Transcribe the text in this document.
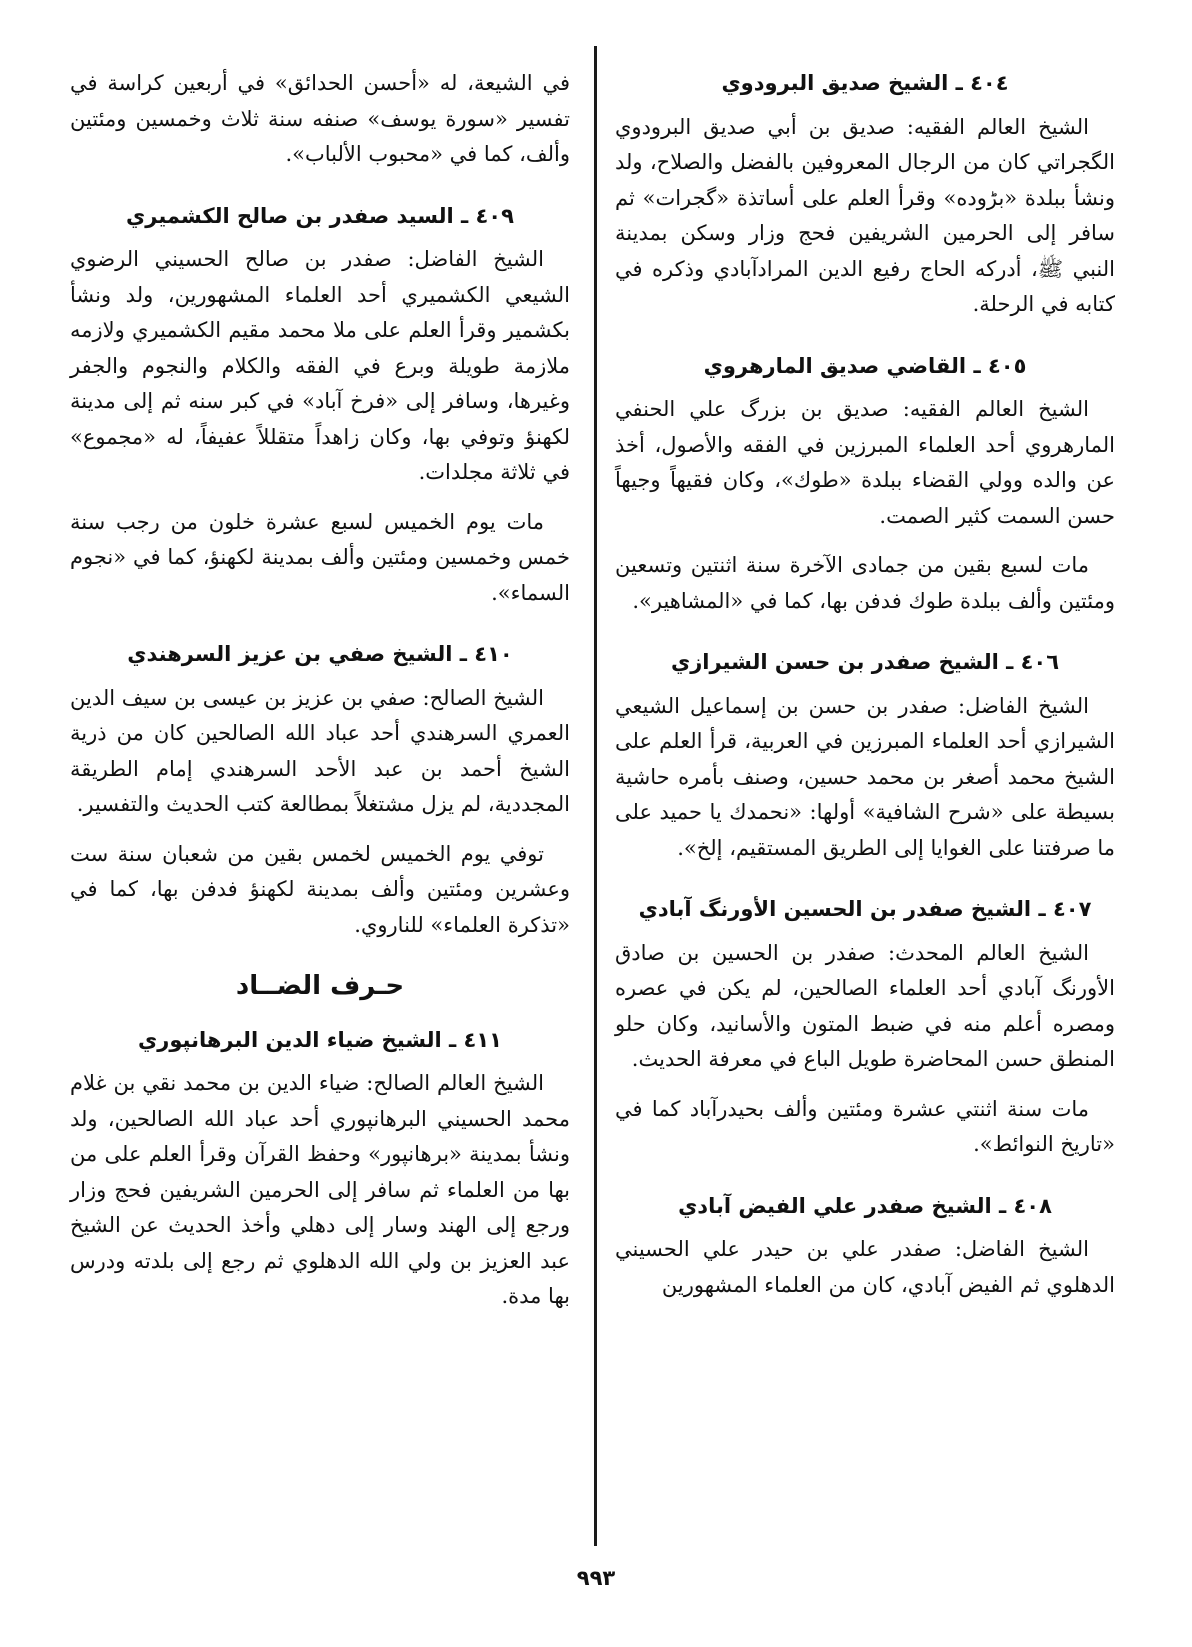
٤٠٤ ـ الشيخ صديق البرودوي

الشيخ العالم الفقيه: صديق بن أبي صديق البرودوي الگجراتي كان من الرجال المعروفين بالفضل والصلاح، ولد ونشأ ببلدة «بڑوده» وقرأ العلم على أساتذة «گجرات» ثم سافر إلى الحرمين الشريفين فحج وزار وسكن بمدينة النبي ﷺ، أدركه الحاج رفيع الدين المرادآبادي وذكره في كتابه في الرحلة.

٤٠٥ ـ القاضي صديق المارهروي

الشيخ العالم الفقيه: صديق بن بزرگ علي الحنفي المارهروي أحد العلماء المبرزين في الفقه والأصول، أخذ عن والده وولي القضاء ببلدة «طوك»، وكان فقيهاً وجيهاً حسن السمت كثير الصمت.

مات لسبع بقين من جمادى الآخرة سنة اثنتين وتسعين ومئتين وألف ببلدة طوك فدفن بها، كما في «المشاهير».

٤٠٦ ـ الشيخ صفدر بن حسن الشيرازي

الشيخ الفاضل: صفدر بن حسن بن إسماعيل الشيعي الشيرازي أحد العلماء المبرزين في العربية، قرأ العلم على الشيخ محمد أصغر بن محمد حسين، وصنف بأمره حاشية بسيطة على «شرح الشافية» أولها: «نحمدك يا حميد على ما صرفتنا على الغوايا إلى الطريق المستقيم، إلخ».

٤٠٧ ـ الشيخ صفدر بن الحسين الأورنگ آبادي

الشيخ العالم المحدث: صفدر بن الحسين بن صادق الأورنگ آبادي أحد العلماء الصالحين، لم يكن في عصره ومصره أعلم منه في ضبط المتون والأسانيد، وكان حلو المنطق حسن المحاضرة طويل الباع في معرفة الحديث.

مات سنة اثنتي عشرة ومئتين وألف بحيدرآباد كما في «تاريخ النوائط».

٤٠٨ ـ الشيخ صفدر علي الفيض آبادي

الشيخ الفاضل: صفدر علي بن حيدر علي الحسيني الدهلوي ثم الفيض آبادي، كان من العلماء المشهورين

في الشيعة، له «أحسن الحدائق» في أربعين كراسة في تفسير «سورة يوسف» صنفه سنة ثلاث وخمسين ومئتين وألف، كما في «محبوب الألباب».

٤٠٩ ـ السيد صفدر بن صالح الكشميري

الشيخ الفاضل: صفدر بن صالح الحسيني الرضوي الشيعي الكشميري أحد العلماء المشهورين، ولد ونشأ بكشمير وقرأ العلم على ملا محمد مقيم الكشميري ولازمه ملازمة طويلة وبرع في الفقه والكلام والنجوم والجفر وغيرها، وسافر إلى «فرخ آباد» في كبر سنه ثم إلى مدينة لكهنؤ وتوفي بها، وكان زاهداً متقللاً عفيفاً، له «مجموع» في ثلاثة مجلدات.

مات يوم الخميس لسبع عشرة خلون من رجب سنة خمس وخمسين ومئتين وألف بمدينة لكهنؤ، كما في «نجوم السماء».

٤١٠ ـ الشيخ صفي بن عزيز السرهندي

الشيخ الصالح: صفي بن عزيز بن عيسى بن سيف الدين العمري السرهندي أحد عباد الله الصالحين كان من ذرية الشيخ أحمد بن عبد الأحد السرهندي إمام الطريقة المجددية، لم يزل مشتغلاً بمطالعة كتب الحديث والتفسير.

توفي يوم الخميس لخمس بقين من شعبان سنة ست وعشرين ومئتين وألف بمدينة لكهنؤ فدفن بها، كما في «تذكرة العلماء» للناروي.

حـرف الضــاد
٤١١ ـ الشيخ ضياء الدين البرهانپوري

الشيخ العالم الصالح: ضياء الدين بن محمد نقي بن غلام محمد الحسيني البرهانپوري أحد عباد الله الصالحين، ولد ونشأ بمدينة «برهانپور» وحفظ القرآن وقرأ العلم على من بها من العلماء ثم سافر إلى الحرمين الشريفين فحج وزار ورجع إلى الهند وسار إلى دهلي وأخذ الحديث عن الشيخ عبد العزيز بن ولي الله الدهلوي ثم رجع إلى بلدته ودرس بها مدة.

٩٩٣
